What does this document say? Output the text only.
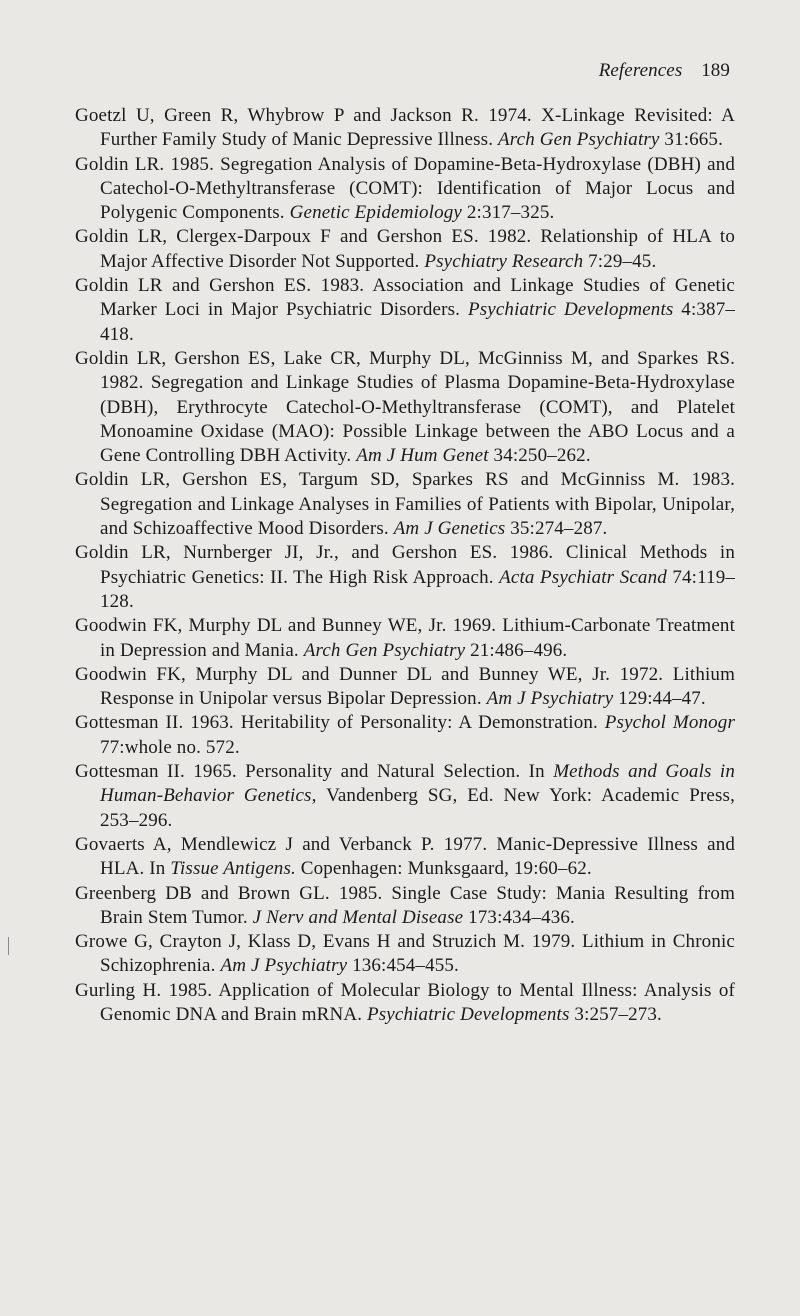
References 189
Goetzl U, Green R, Whybrow P and Jackson R. 1974. X-Linkage Revisited: A Further Family Study of Manic Depressive Illness. Arch Gen Psychiatry 31:665.
Goldin LR. 1985. Segregation Analysis of Dopamine-Beta-Hydroxylase (DBH) and Catechol-O-Methyltransferase (COMT): Identification of Major Locus and Polygenic Components. Genetic Epidemiology 2:317–325.
Goldin LR, Clergex-Darpoux F and Gershon ES. 1982. Relationship of HLA to Major Affective Disorder Not Supported. Psychiatry Research 7:29–45.
Goldin LR and Gershon ES. 1983. Association and Linkage Studies of Genetic Marker Loci in Major Psychiatric Disorders. Psychiatric Developments 4:387–418.
Goldin LR, Gershon ES, Lake CR, Murphy DL, McGinniss M, and Sparkes RS. 1982. Segregation and Linkage Studies of Plasma Dopamine-Beta-Hydroxylase (DBH), Erythrocyte Catechol-O-Methyltransferase (COMT), and Platelet Monoamine Oxidase (MAO): Possible Linkage between the ABO Locus and a Gene Controlling DBH Activity. Am J Hum Genet 34:250–262.
Goldin LR, Gershon ES, Targum SD, Sparkes RS and McGinniss M. 1983. Segregation and Linkage Analyses in Families of Patients with Bipolar, Unipolar, and Schizoaffective Mood Disorders. Am J Genetics 35:274–287.
Goldin LR, Nurnberger JI, Jr., and Gershon ES. 1986. Clinical Methods in Psychiatric Genetics: II. The High Risk Approach. Acta Psychiatr Scand 74:119–128.
Goodwin FK, Murphy DL and Bunney WE, Jr. 1969. Lithium-Carbonate Treatment in Depression and Mania. Arch Gen Psychiatry 21:486–496.
Goodwin FK, Murphy DL and Dunner DL and Bunney WE, Jr. 1972. Lithium Response in Unipolar versus Bipolar Depression. Am J Psychiatry 129:44–47.
Gottesman II. 1963. Heritability of Personality: A Demonstration. Psychol Monogr 77:whole no. 572.
Gottesman II. 1965. Personality and Natural Selection. In Methods and Goals in Human-Behavior Genetics, Vandenberg SG, Ed. New York: Academic Press, 253–296.
Govaerts A, Mendlewicz J and Verbanck P. 1977. Manic-Depressive Illness and HLA. In Tissue Antigens. Copenhagen: Munksgaard, 19:60–62.
Greenberg DB and Brown GL. 1985. Single Case Study: Mania Resulting from Brain Stem Tumor. J Nerv and Mental Disease 173:434–436.
Growe G, Crayton J, Klass D, Evans H and Struzich M. 1979. Lithium in Chronic Schizophrenia. Am J Psychiatry 136:454–455.
Gurling H. 1985. Application of Molecular Biology to Mental Illness: Analysis of Genomic DNA and Brain mRNA. Psychiatric Developments 3:257–273.
